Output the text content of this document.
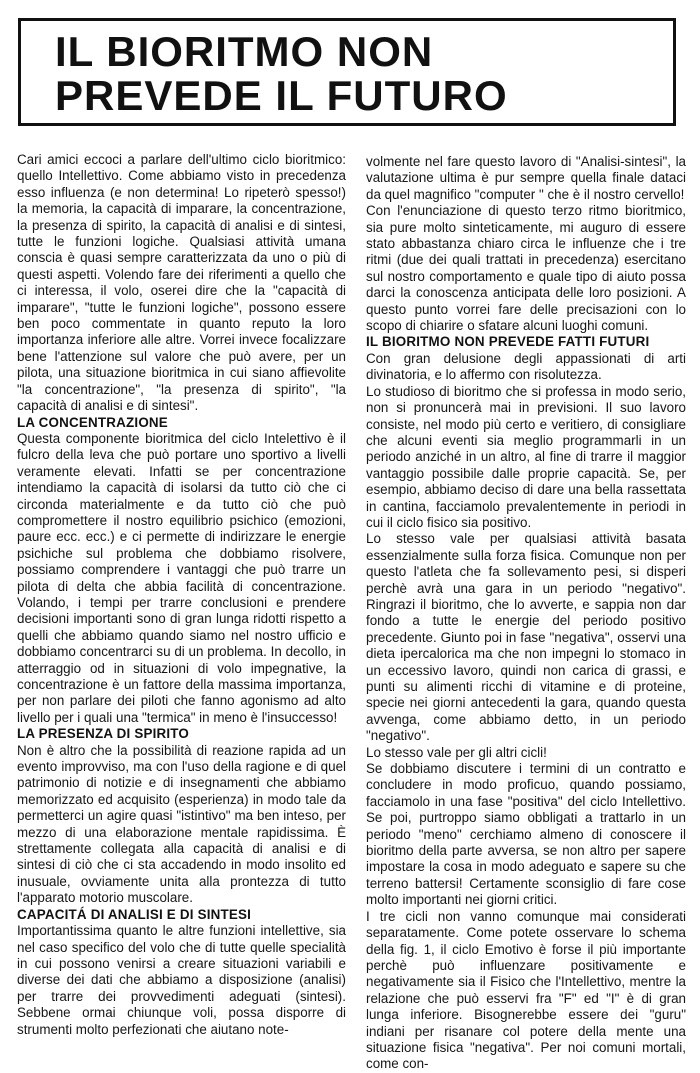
IL BIORITMO NON
PREVEDE IL FUTURO

Cari amici eccoci a parlare dell'ultimo ciclo bioritmico: quello Intellettivo. Come abbiamo visto in precedenza esso influenza (e non determina! Lo ripeterò spesso!) la memoria, la capacità di imparare, la concentrazione, la presenza di spirito, la capacità di analisi e di sintesi, tutte le funzioni logiche. Qualsiasi attività umana conscia è quasi sempre caratterizzata da uno o più di questi aspetti. Volendo fare dei riferimenti a quello che ci interessa, il volo, oserei dire che la "capacità di imparare", "tutte le funzioni logiche", possono essere ben poco commentate in quanto reputo la loro importanza inferiore alle altre. Vorrei invece focalizzare bene l'attenzione sul valore che può avere, per un pilota, una situazione bioritmica in cui siano affievolite "la concentrazione", "la presenza di spirito", "la capacità di analisi e di sintesi".

LA CONCENTRAZIONE

Questa componente bioritmica del ciclo Intelettivo è il fulcro della leva che può portare uno sportivo a livelli veramente elevati. Infatti se per concentrazione intendiamo la capacità di isolarsi da tutto ciò che ci circonda materialmente e da tutto ciò che può compromettere il nostro equilibrio psichico (emozioni, paure ecc. ecc.) e ci permette di indirizzare le energie psichiche sul problema che dobbiamo risolvere, possiamo comprendere i vantaggi che può trarre un pilota di delta che abbia facilità di concentrazione. Volando, i tempi per trarre conclusioni e prendere decisioni importanti sono di gran lunga ridotti rispetto a quelli che abbiamo quando siamo nel nostro ufficio e dobbiamo concentrarci su di un problema. In decollo, in atterraggio od in situazioni di volo impegnative, la concentrazione è un fattore della massima importanza, per non parlare dei piloti che fanno agonismo ad alto livello per i quali una "termica" in meno è l'insuccesso!

LA PRESENZA DI SPIRITO

Non è altro che la possibilità di reazione rapida ad un evento improvviso, ma con l'uso della ragione e di quel patrimonio di notizie e di insegnamenti che abbiamo memorizzato ed acquisito (esperienza) in modo tale da permetterci un agire quasi "istintivo" ma ben inteso, per mezzo di una elaborazione mentale rapidissima. È strettamente collegata alla capacità di analisi e di sintesi di ciò che ci sta accadendo in modo insolito ed inusuale, ovviamente unita alla prontezza di tutto l'apparato motorio muscolare.

CAPACITÁ DI ANALISI E DI SINTESI

Importantissima quanto le altre funzioni intellettive, sia nel caso specifico del volo che di tutte quelle specialità in cui possono venirsi a creare situazioni variabili e diverse dei dati che abbiamo a disposizione (analisi) per trarre dei provvedimenti adeguati (sintesi). Sebbene ormai chiunque voli, possa disporre di strumenti molto perfezionati che aiutano note-

volmente nel fare questo lavoro di "Analisi-sintesi", la valutazione ultima è pur sempre quella finale dataci da quel magnifico "computer " che è il nostro cervello!

Con l'enunciazione di questo terzo ritmo bioritmico, sia pure molto sinteticamente, mi auguro di essere stato abbastanza chiaro circa le influenze che i tre ritmi (due dei quali trattati in precedenza) esercitano sul nostro comportamento e quale tipo di aiuto possa darci la conoscenza anticipata delle loro posizioni. A questo punto vorrei fare delle precisazioni con lo scopo di chiarire o sfatare alcuni luoghi comuni.

IL BIORITMO NON PREVEDE FATTI FUTURI

Con gran delusione degli appassionati di arti divinatoria, e lo affermo con risolutezza.

Lo studioso di bioritmo che si professa in modo serio, non si pronuncerà mai in previsioni. Il suo lavoro consiste, nel modo più certo e veritiero, di consigliare che alcuni eventi sia meglio programmarli in un periodo anziché in un altro, al fine di trarre il maggior vantaggio possibile dalle proprie capacità. Se, per esempio, abbiamo deciso di dare una bella rassettata in cantina, facciamolo prevalentemente in periodi in cui il ciclo fisico sia positivo.

Lo stesso vale per qualsiasi attività basata essenzialmente sulla forza fisica. Comunque non per questo l'atleta che fa sollevamento pesi, si disperi perchè avrà una gara in un periodo "negativo". Ringrazi il bioritmo, che lo avverte, e sappia non dar fondo a tutte le energie del periodo positivo precedente. Giunto poi in fase "negativa", osservi una dieta ipercalorica ma che non impegni lo stomaco in un eccessivo lavoro, quindi non carica di grassi, e punti su alimenti ricchi di vitamine e di proteine, specie nei giorni antecedenti la gara, quando questa avvenga, come abbiamo detto, in un periodo "negativo".

Lo stesso vale per gli altri cicli!

Se dobbiamo discutere i termini di un contratto e concludere in modo proficuo, quando possiamo, facciamolo in una fase "positiva" del ciclo Intellettivo. Se poi, purtroppo siamo obbligati a trattarlo in un periodo "meno" cerchiamo almeno di conoscere il bioritmo della parte avversa, se non altro per sapere impostare la cosa in modo adeguato e sapere su che terreno battersi! Certamente sconsiglio di fare cose molto importanti nei giorni critici.

I tre cicli non vanno comunque mai considerati separatamente. Come potete osservare lo schema della fig. 1, il ciclo Emotivo è forse il più importante perchè può influenzare positivamente e negativamente sia il Fisico che l'Intellettivo, mentre la relazione che può esservi fra "F" ed "I" è di gran lunga inferiore. Bisognerebbe essere dei "guru" indiani per risanare col potere della mente una situazione fisica "negativa". Per noi comuni mortali, come con-
